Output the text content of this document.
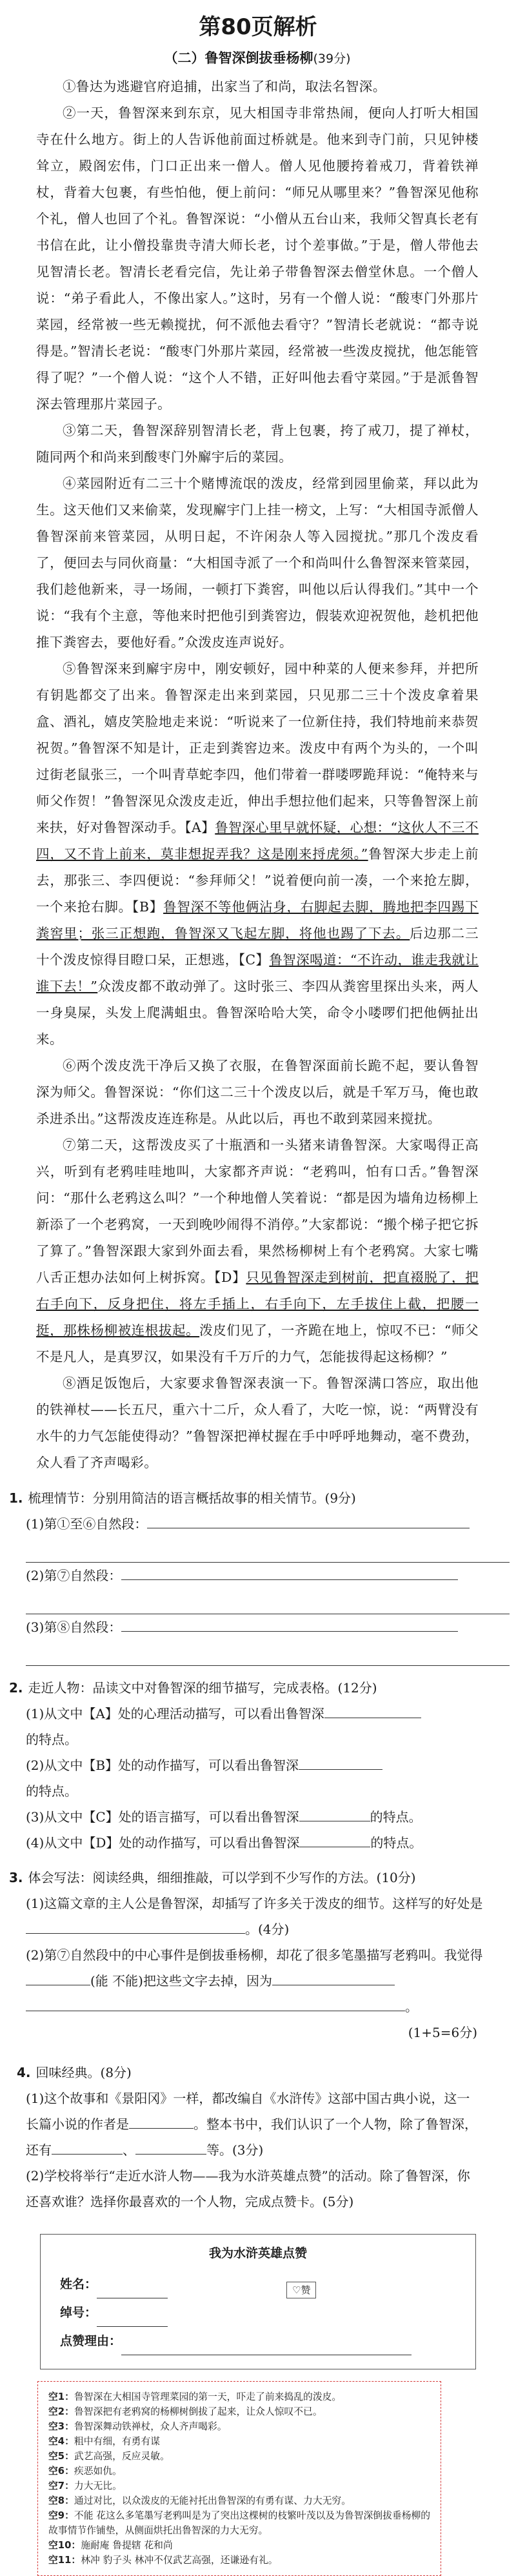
第80页解析
（二）鲁智深倒拔垂杨柳(39分)

①鲁达为逃避官府追捕，出家当了和尚，取法名智深。

②一天，鲁智深来到东京，见大相国寺非常热闹，便向人打听大相国寺在什么地方。街上的人告诉他前面过桥就是。他来到寺门前，只见钟楼耸立，殿阁宏伟，门口正出来一僧人。僧人见他腰挎着戒刀，背着铁禅杖，背着大包裹，有些怕他，便上前问：“师兄从哪里来？”鲁智深见他称个礼，僧人也回了个礼。鲁智深说：“小僧从五台山来，我师父智真长老有书信在此，让小僧投靠贵寺清大师长老，讨个差事做。”于是，僧人带他去见智清长老。智清长老看完信，先让弟子带鲁智深去僧堂休息。一个僧人说：“弟子看此人，不像出家人。”这时，另有一个僧人说：“酸枣门外那片菜园，经常被一些无赖搅扰，何不派他去看守？”智清长老就说：“都寺说得是。”智清长老说：“酸枣门外那片菜园，经常被一些泼皮搅扰，他怎能管得了呢？”一个僧人说：“这个人不错，正好叫他去看守菜园。”于是派鲁智深去管理那片菜园子。

③第二天，鲁智深辞别智清长老，背上包裹，挎了戒刀，提了禅杖，随同两个和尚来到酸枣门外廨宇后的菜园。

④菜园附近有二三十个赌博流氓的泼皮，经常到园里偷菜，拜以此为生。这天他们又来偷菜，发现廨宇门上挂一榜文，上写：“大相国寺派僧人鲁智深前来管菜园，从明日起，不许闲杂人等入园搅扰。”那几个泼皮看了，便回去与同伙商量：“大相国寺派了一个和尚叫什么鲁智深来管菜园，我们趁他新来，寻一场闹，一顿打下粪窖，叫他以后认得我们。”其中一个说：“我有个主意，等他来时把他引到粪窖边，假装欢迎祝贺他，趁机把他推下粪窖去，要他好看。”众泼皮连声说好。

⑤鲁智深来到廨宇房中，刚安顿好，园中种菜的人便来参拜，并把所有钥匙都交了出来。鲁智深走出来到菜园，只见那二三十个泼皮拿着果盒、酒礼，嬉皮笑脸地走来说：“听说来了一位新住持，我们特地前来恭贺祝贺。”鲁智深不知是计，正走到粪窖边来。泼皮中有两个为头的，一个叫过街老鼠张三，一个叫青草蛇李四，他们带着一群喽啰跪拜说：“俺特来与师父作贺！”鲁智深见众泼皮走近，伸出手想拉他们起来，只等鲁智深上前来扶，好对鲁智深动手。【A】鲁智深心里早就怀疑，心想：“这伙人不三不四，又不肯上前来，莫非想捉弄我？这是刚来捋虎须。”鲁智深大步走上前去，那张三、李四便说：“参拜师父！”说着便向前一凑，一个来抢左脚，一个来抢右脚。【B】鲁智深不等他俩沾身，右脚起去脚，腾地把李四踢下粪窖里；张三正想跑，鲁智深又飞起左脚，将他也踢了下去。后边那二三十个泼皮惊得目瞪口呆，正想逃，【C】鲁智深喝道：“不许动，谁走我就让谁下去！”众泼皮都不敢动弹了。这时张三、李四从粪窖里探出头来，两人一身臭屎，头发上爬满蛆虫。鲁智深哈哈大笑，命令小喽啰们把他俩扯出来。

⑥两个泼皮洗干净后又换了衣服，在鲁智深面前长跪不起，要认鲁智深为师父。鲁智深说：“你们这二三十个泼皮以后，就是千军万马，俺也敢杀进杀出。”这帮泼皮连连称是。从此以后，再也不敢到菜园来搅扰。

⑦第二天，这帮泼皮买了十瓶酒和一头猪来请鲁智深。大家喝得正高兴，听到有老鸦哇哇地叫，大家都齐声说：“老鸦叫，怕有口舌。”鲁智深问：“那什么老鸦这么叫？”一个种地僧人笑着说：“都是因为墙角边杨柳上新添了一个老鸦窝，一天到晚吵闹得不消停。”大家都说：“搬个梯子把它拆了算了。”鲁智深跟大家到外面去看，果然杨柳树上有个老鸦窝。大家七嘴八舌正想办法如何上树拆窝。【D】只见鲁智深走到树前，把直裰脱了，把右手向下，反身把住，将左手插上，右手向下，左手拔住上截，把腰一挺，那株杨柳被连根拔起。泼皮们见了，一齐跪在地上，惊叹不已：“师父不是凡人，是真罗汉，如果没有千万斤的力气，怎能拔得起这杨柳？”

⑧酒足饭饱后，大家要求鲁智深表演一下。鲁智深满口答应，取出他的铁禅杖——长五尺，重六十二斤，众人看了，大吃一惊，说：“两臂没有水牛的力气怎能使得动？”鲁智深把禅杖握在手中呼呼地舞动，毫不费劲，众人看了齐声喝彩。

1. 梳理情节：分别用简洁的语言概括故事的相关情节。(9分)

(1)第①至⑥自然段：

(2)第⑦自然段：

(3)第⑧自然段：

2. 走近人物：品读文中对鲁智深的细节描写，完成表格。(12分)

(1)从文中【A】处的心理活动描写，可以看出鲁智深
的特点。

(2)从文中【B】处的动作描写，可以看出鲁智深
的特点。

(3)从文中【C】处的语言描写，可以看出鲁智深	的特点。

(4)从文中【D】处的动作描写，可以看出鲁智深	的特点。

3. 体会写法：阅读经典，细细推敲，可以学到不少写作的方法。(10分)

(1)这篇文章的主人公是鲁智深，却插写了许多关于泼皮的细节。这样写的好处是。(4分)

(2)第⑦自然段中的中心事件是倒拔垂杨柳，却花了很多笔墨描写老鸦叫。我觉得(能 不能)把这些文字去掉，因为

。

(1+5=6分)

4. 回味经典。(8分)

(1)这个故事和《景阳冈》一样，都改编自《水浒传》这部中国古典小说，这一长篇小说的作者是	。整本书中，我们认识了一个人物，除了鲁智深，还有	、	等。(3分)

(2)学校将举行“走近水浒人物——我为水浒英雄点赞”的活动。除了鲁智深，你还喜欢谁？选择你最喜欢的一个人物，完成点赞卡。(5分)

我为水浒英雄点赞
姓名：	♡赞
绰号：
点赞理由：

空1：鲁智深在大相国寺管理菜园的第一天，吓走了前来捣乱的泼皮。

空2：鲁智深把有老鸦窝的杨柳树倒拔了起来，让众人惊叹不已。

空3：鲁智深舞动铁禅杖，众人齐声喝彩。

空4：粗中有细，有勇有谋

空5：武艺高强，反应灵敏。

空6：疾恶如仇。

空7：力大无比。

空8：通过对比，以众泼皮的无能衬托出鲁智深的有勇有谋、力大无穷。

空9：不能 花这么多笔墨写老鸦叫是为了突出这棵树的枝繁叶茂以及为鲁智深倒拔垂杨柳的故事情节作铺垫，从侧面烘托出鲁智深的力大无穷。

空10：施耐庵 鲁提辖 花和尚

空11：林冲 豹子头 林冲不仅武艺高强，还谦逊有礼。
